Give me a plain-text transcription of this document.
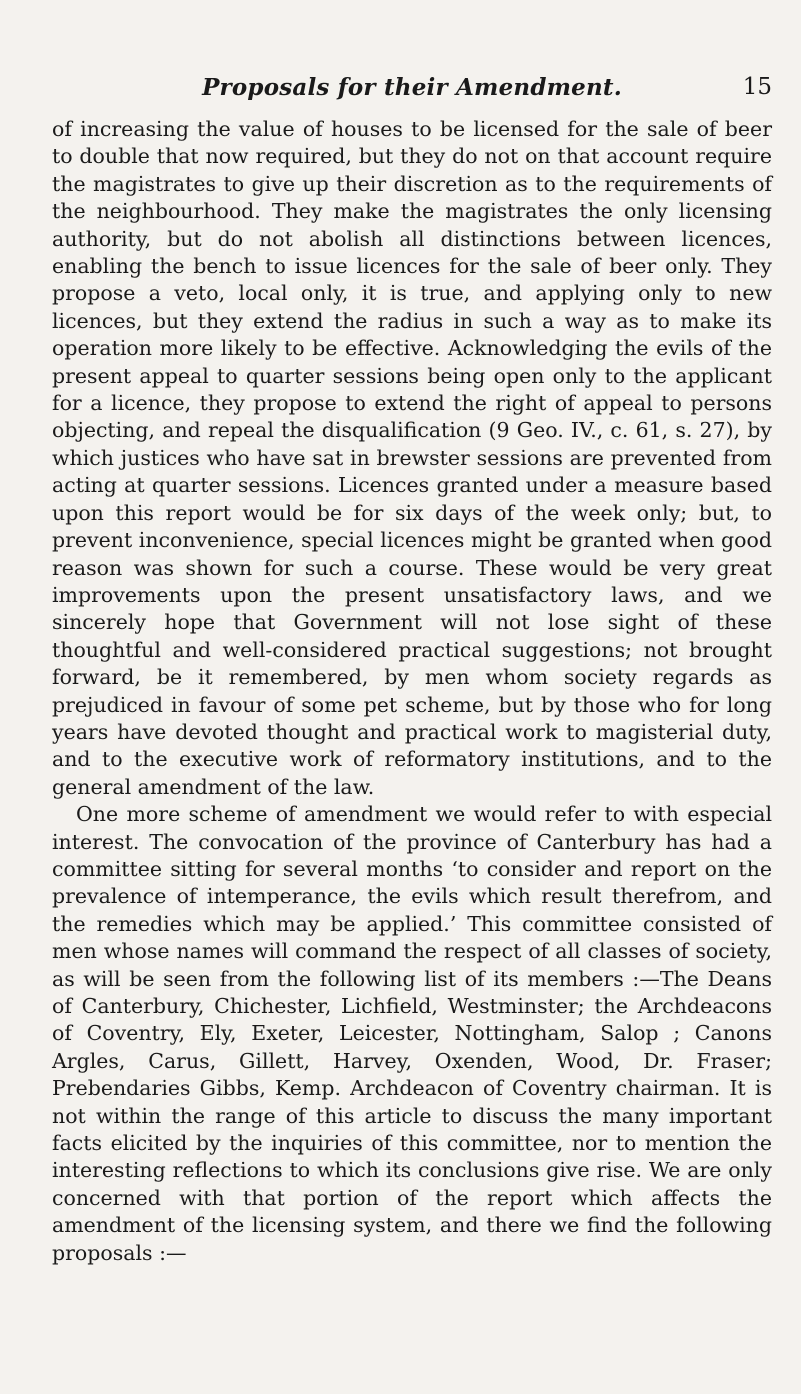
Proposals for their Amendment.	15

of increasing the value of houses to be licensed for the sale of beer to double that now required, but they do not on that account require the magistrates to give up their discretion as to the requirements of the neighbourhood. They make the magistrates the only licensing authority, but do not abolish all distinctions between licences, enabling the bench to issue licences for the sale of beer only. They propose a veto, local only, it is true, and applying only to new licences, but they extend the radius in such a way as to make its operation more likely to be effective. Acknowledging the evils of the present appeal to quarter sessions being open only to the applicant for a licence, they propose to extend the right of appeal to persons objecting, and repeal the disqualification (9 Geo. IV., c. 61, s. 27), by which justices who have sat in brewster sessions are prevented from acting at quarter sessions. Licences granted under a measure based upon this report would be for six days of the week only; but, to prevent inconvenience, special licences might be granted when good reason was shown for such a course. These would be very great improvements upon the present unsatisfactory laws, and we sincerely hope that Government will not lose sight of these thoughtful and well-considered practical suggestions; not brought forward, be it remembered, by men whom society regards as prejudiced in favour of some pet scheme, but by those who for long years have devoted thought and practical work to magisterial duty, and to the executive work of reformatory institutions, and to the general amendment of the law.

One more scheme of amendment we would refer to with especial interest. The convocation of the province of Canterbury has had a committee sitting for several months ‘to consider and report on the prevalence of intemperance, the evils which result therefrom, and the remedies which may be applied.’ This committee consisted of men whose names will command the respect of all classes of society, as will be seen from the following list of its members :—The Deans of Canterbury, Chichester, Lichfield, Westminster; the Archdeacons of Coventry, Ely, Exeter, Leicester, Nottingham, Salop ; Canons Argles, Carus, Gillett, Harvey, Oxenden, Wood, Dr. Fraser; Prebendaries Gibbs, Kemp. Archdeacon of Coventry chairman. It is not within the range of this article to discuss the many important facts elicited by the inquiries of this committee, nor to mention the interesting reflections to which its conclusions give rise. We are only concerned with that portion of the report which affects the amendment of the licensing system, and there we find the following proposals :—
